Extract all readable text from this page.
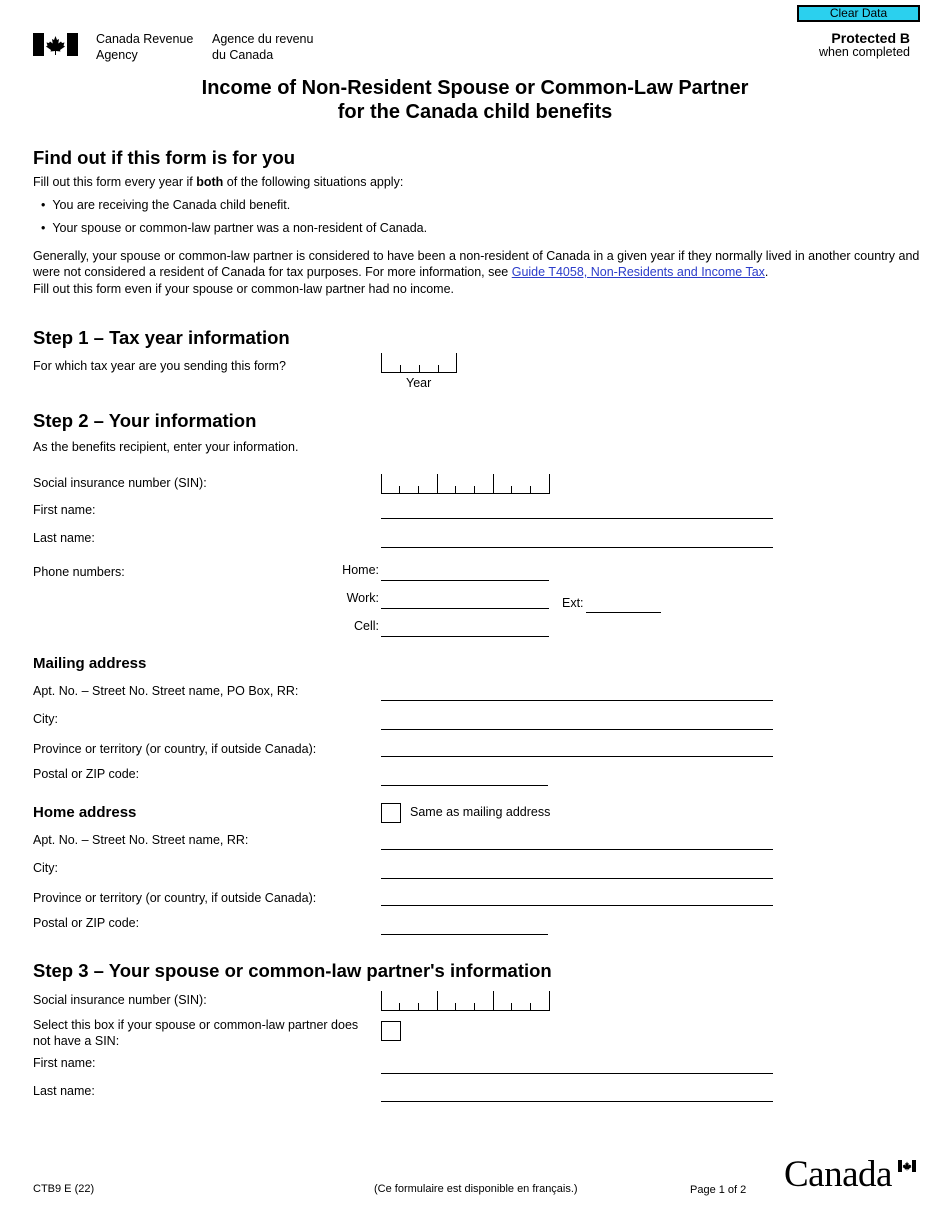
Canada Revenue
Agency
Agence du revenu
du Canada
Clear Data
Protected B
when completed
Income of Non-Resident Spouse or Common-Law Partner
for the Canada child benefits
Find out if this form is for you
Fill out this form every year if both of the following situations apply:
•  You are receiving the Canada child benefit.
•  Your spouse or common-law partner was a non-resident of Canada.
Generally, your spouse or common-law partner is considered to have been a non-resident of Canada in a given year if they normally lived in another country and were not considered a resident of Canada for tax purposes. For more information, see Guide T4058, Non-Residents and Income Tax.
Fill out this form even if your spouse or common-law partner had no income.
Step 1 – Tax year information
For which tax year are you sending this form?
Year
Step 2 – Your information
As the benefits recipient, enter your information.
Social insurance number (SIN):
First name:
Last name:
Phone numbers:	Home:
Work:	Ext:
Cell:
Mailing address
Apt. No. – Street No. Street name, PO Box, RR:
City:
Province or territory (or country, if outside Canada):
Postal or ZIP code:
Home address	Same as mailing address
Apt. No. – Street No. Street name, RR:
City:
Province or territory (or country, if outside Canada):
Postal or ZIP code:
Step 3 – Your spouse or common-law partner's information
Social insurance number (SIN):
Select this box if your spouse or common-law partner does
not have a SIN:
First name:
Last name:
CTB9 E (22)	(Ce formulaire est disponible en français.)	Page 1 of 2 Canada
